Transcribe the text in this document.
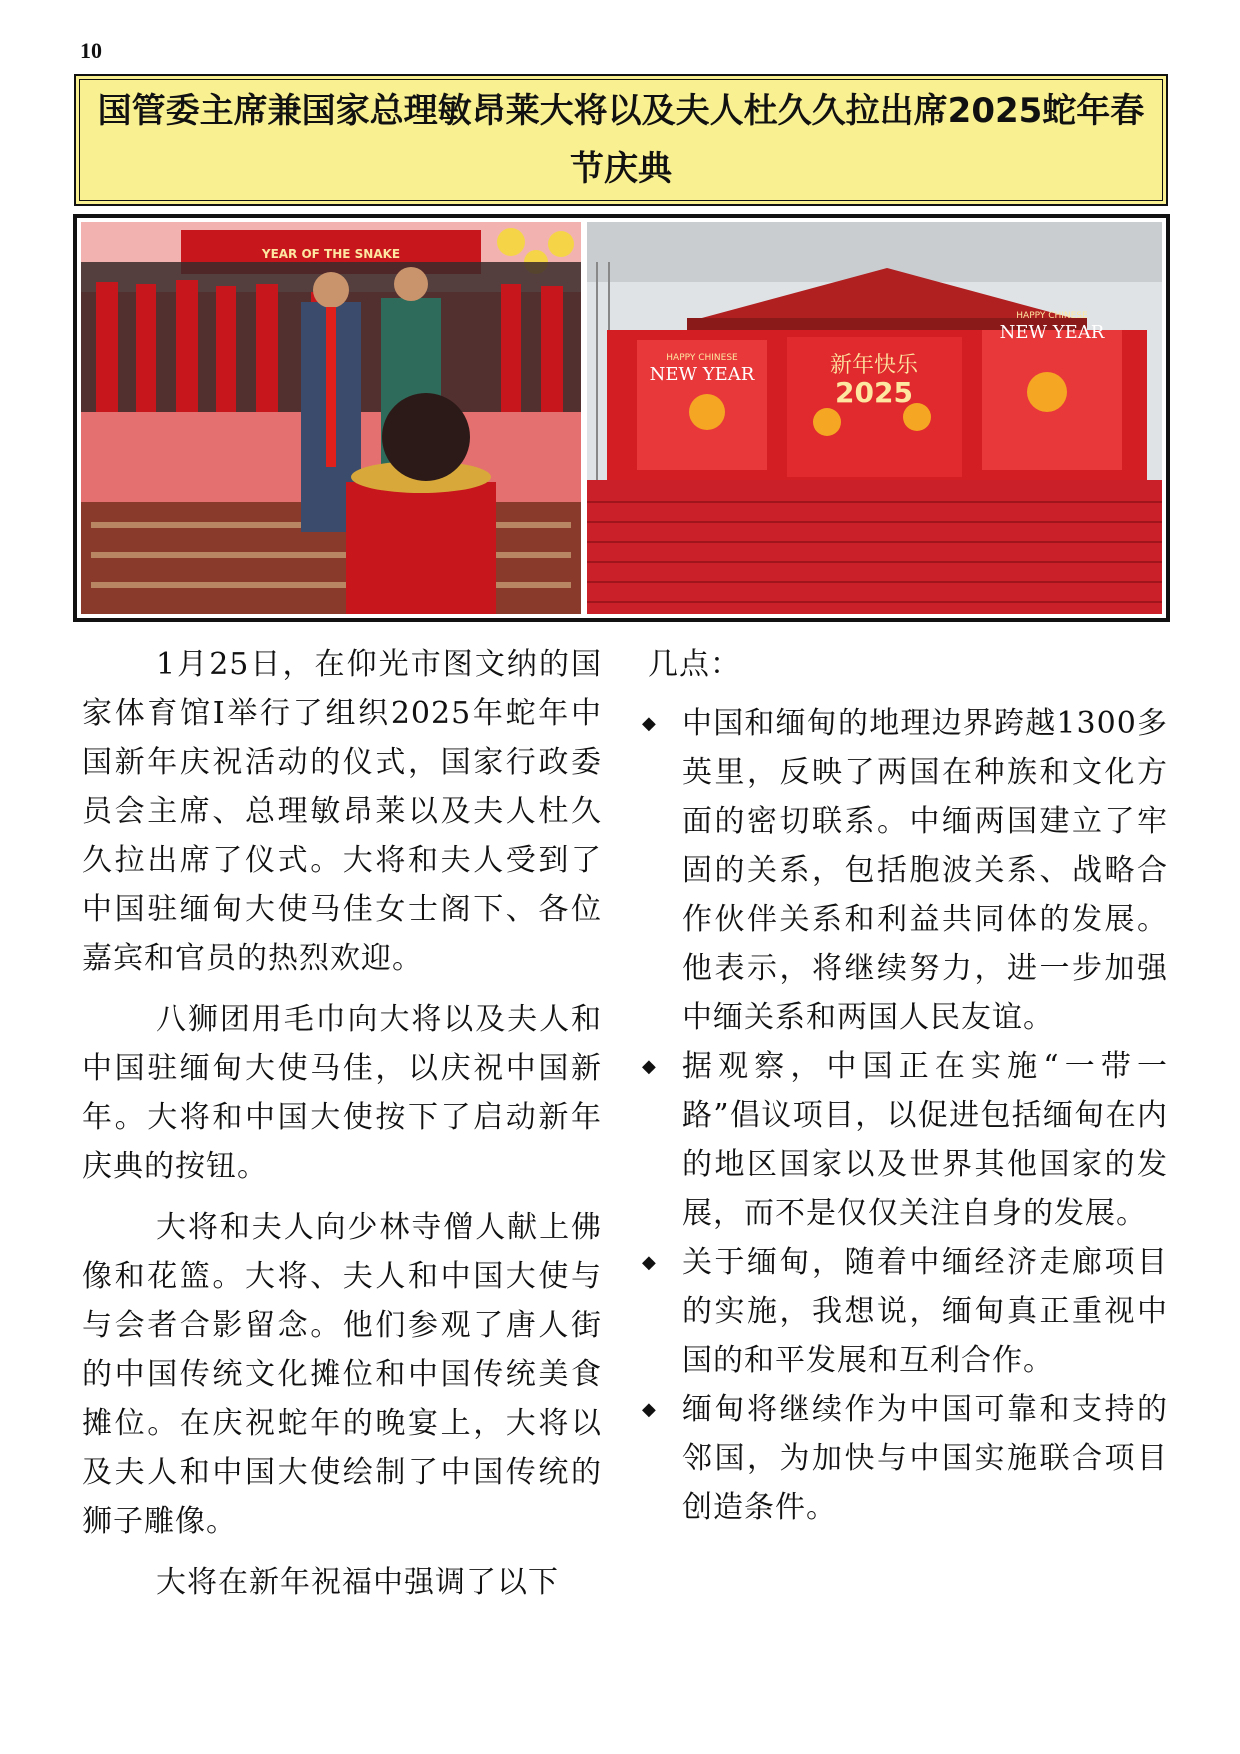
10
国管委主席兼国家总理敏昂莱大将以及夫人杜久久拉出席2025蛇年春节庆典
YEAR OF THE SNAKE
HAPPY CHINESE
NEW YEAR	新年快乐
2025
HAPPY CHINESE
NEW YEAR

1月25日，在仰光市图文纳的国家体育馆I举行了组织2025年蛇年中国新年庆祝活动的仪式，国家行政委员会主席、总理敏昂莱以及夫人杜久久拉出席了仪式。大将和夫人受到了中国驻缅甸大使马佳女士阁下、各位嘉宾和官员的热烈欢迎。

八狮团用毛巾向大将以及夫人和中国驻缅甸大使马佳，以庆祝中国新年。大将和中国大使按下了启动新年庆典的按钮。

大将和夫人向少林寺僧人献上佛像和花篮。大将、夫人和中国大使与与会者合影留念。他们参观了唐人街的中国传统文化摊位和中国传统美食摊位。在庆祝蛇年的晚宴上，大将以及夫人和中国大使绘制了中国传统的狮子雕像。

大将在新年祝福中强调了以下

几点：

◆ 中国和缅甸的地理边界跨越1300多英里，反映了两国在种族和文化方面的密切联系。中缅两国建立了牢固的关系，包括胞波关系、战略合作伙伴关系和利益共同体的发展。他表示，将继续努力，进一步加强中缅关系和两国人民友谊。
◆ 据观察，中国正在实施“一带一路”倡议项目，以促进包括缅甸在内的地区国家以及世界其他国家的发展，而不是仅仅关注自身的发展。
◆ 关于缅甸，随着中缅经济走廊项目的实施，我想说，缅甸真正重视中国的和平发展和互利合作。
◆ 缅甸将继续作为中国可靠和支持的邻国，为加快与中国实施联合项目创造条件。
